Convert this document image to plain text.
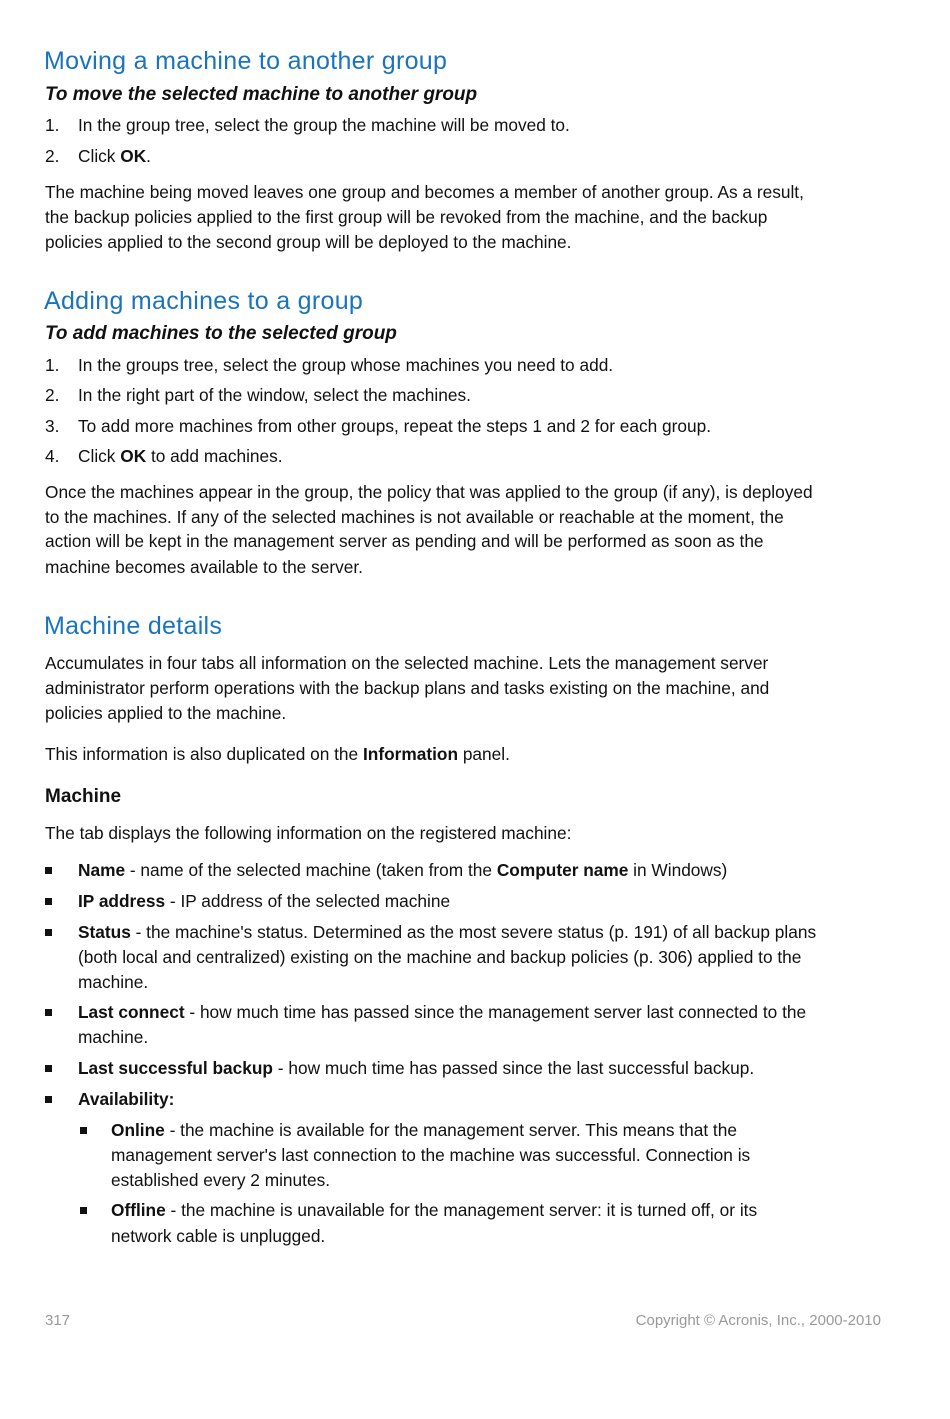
Moving a machine to another group
To move the selected machine to another group
1. In the group tree, select the group the machine will be moved to.
2. Click OK.
The machine being moved leaves one group and becomes a member of another group. As a result,
the backup policies applied to the first group will be revoked from the machine, and the backup
policies applied to the second group will be deployed to the machine.
Adding machines to a group
To add machines to the selected group
1. In the groups tree, select the group whose machines you need to add.
2. In the right part of the window, select the machines.
3. To add more machines from other groups, repeat the steps 1 and 2 for each group.
4. Click OK to add machines.
Once the machines appear in the group, the policy that was applied to the group (if any), is deployed
to the machines. If any of the selected machines is not available or reachable at the moment, the
action will be kept in the management server as pending and will be performed as soon as the
machine becomes available to the server.
Machine details
Accumulates in four tabs all information on the selected machine. Lets the management server
administrator perform operations with the backup plans and tasks existing on the machine, and
policies applied to the machine.
This information is also duplicated on the Information panel.
Machine
The tab displays the following information on the registered machine:
Name - name of the selected machine (taken from the Computer name in Windows)
IP address - IP address of the selected machine
Status - the machine's status. Determined as the most severe status (p. 191) of all backup plans
(both local and centralized) existing on the machine and backup policies (p. 306) applied to the
machine.
Last connect - how much time has passed since the management server last connected to the
machine.
Last successful backup - how much time has passed since the last successful backup.
Availability:
Online - the machine is available for the management server. This means that the
management server's last connection to the machine was successful. Connection is
established every 2 minutes.
Offline - the machine is unavailable for the management server: it is turned off, or its
network cable is unplugged.
317	Copyright © Acronis, Inc., 2000-2010
